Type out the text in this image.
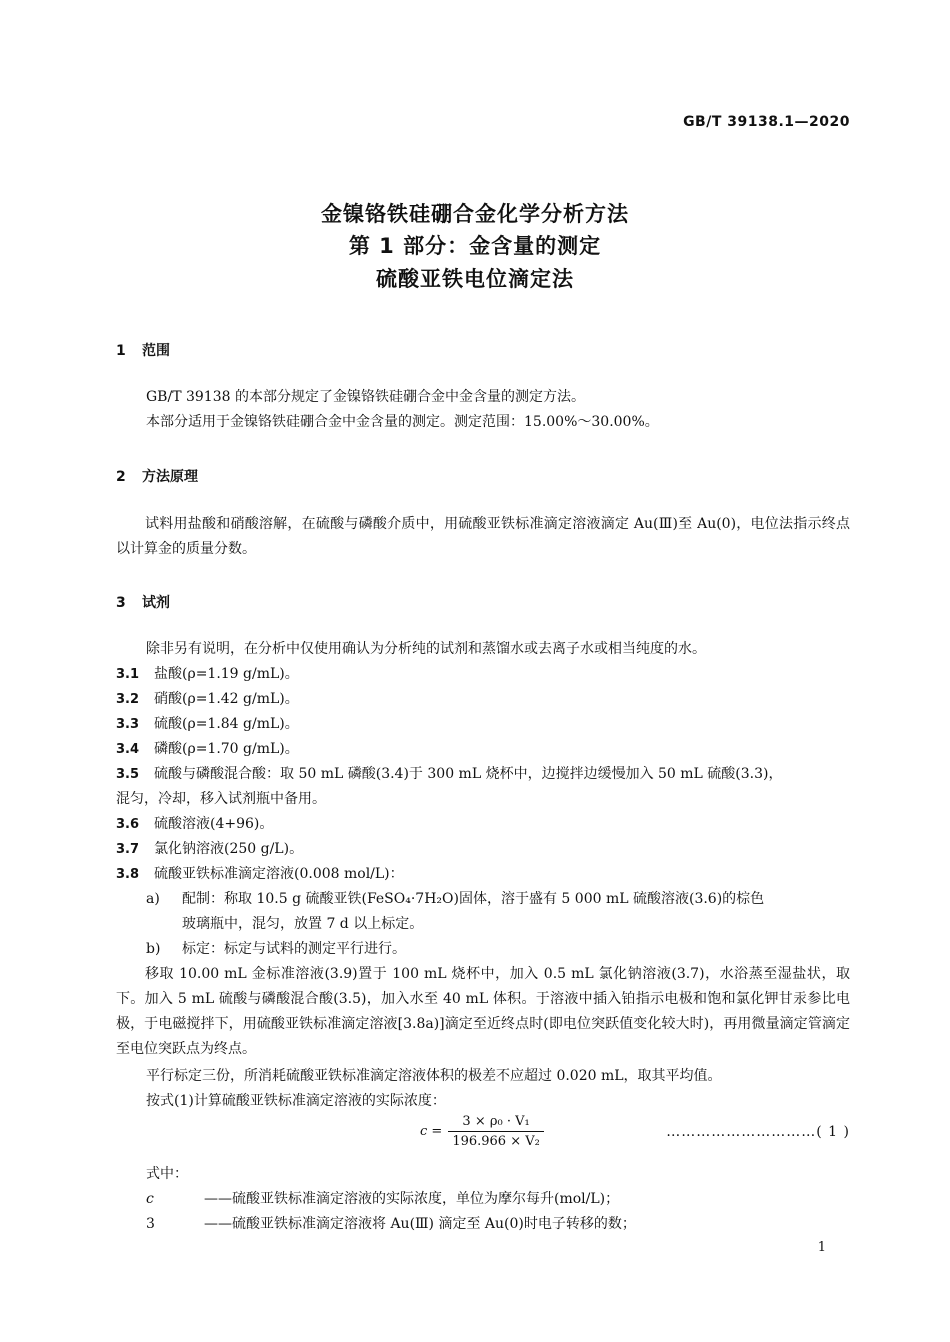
GB/T 39138.1—2020
金镍铬铁硅硼合金化学分析方法
第 1 部分：金含量的测定
硫酸亚铁电位滴定法
1 范围
GB/T 39138 的本部分规定了金镍铬铁硅硼合金中金含量的测定方法。
本部分适用于金镍铬铁硅硼合金中金含量的测定。测定范围：15.00%～30.00%。
2 方法原理
试料用盐酸和硝酸溶解，在硫酸与磷酸介质中，用硫酸亚铁标准滴定溶液滴定 Au(Ⅲ)至 Au(0)，电位法指示终点以计算金的质量分数。
3 试剂
除非另有说明，在分析中仅使用确认为分析纯的试剂和蒸馏水或去离子水或相当纯度的水。
3.1 盐酸(ρ=1.19 g/mL)。
3.2 硝酸(ρ=1.42 g/mL)。
3.3 硫酸(ρ=1.84 g/mL)。
3.4 磷酸(ρ=1.70 g/mL)。
3.5 硫酸与磷酸混合酸：取 50 mL 磷酸(3.4)于 300 mL 烧杯中，边搅拌边缓慢加入 50 mL 硫酸(3.3)，
混匀，冷却，移入试剂瓶中备用。
3.6 硫酸溶液(4+96)。
3.7 氯化钠溶液(250 g/L)。
3.8 硫酸亚铁标准滴定溶液(0.008 mol/L)：
a) 配制：称取 10.5 g 硫酸亚铁(FeSO₄·7H₂O)固体，溶于盛有 5 000 mL 硫酸溶液(3.6)的棕色
玻璃瓶中，混匀，放置 7 d 以上标定。
b) 标定：标定与试料的测定平行进行。
移取 10.00 mL 金标准溶液(3.9)置于 100 mL 烧杯中，加入 0.5 mL 氯化钠溶液(3.7)，水浴蒸至湿盐状，取下。加入 5 mL 硫酸与磷酸混合酸(3.5)，加入水至 40 mL 体积。于溶液中插入铂指示电极和饱和氯化钾甘汞参比电极，于电磁搅拌下，用硫酸亚铁标准滴定溶液[3.8a)]滴定至近终点时(即电位突跃值变化较大时)，再用微量滴定管滴定至电位突跃点为终点。
平行标定三份，所消耗硫酸亚铁标准滴定溶液体积的极差不应超过 0.020 mL，取其平均值。
按式(1)计算硫酸亚铁标准滴定溶液的实际浓度：
$c = \frac{\text{3 × ρ₀ · V₁}}{\text{196.966 × V₂}}$	…………………………( 1 )
式中：
c	——硫酸亚铁标准滴定溶液的实际浓度，单位为摩尔每升(mol/L)；
3	——硫酸亚铁标准滴定溶液将 Au(Ⅲ) 滴定至 Au(0)时电子转移的数；
1
